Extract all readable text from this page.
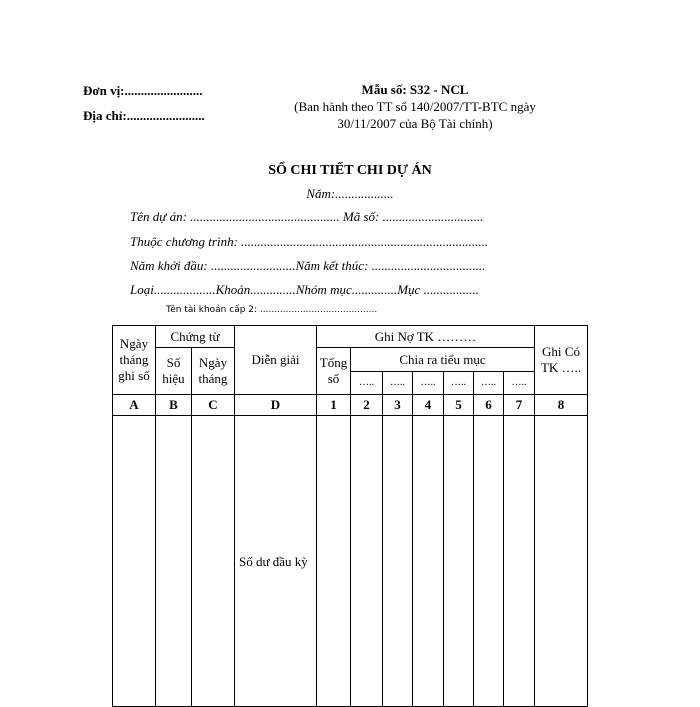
Đơn vị:........................
Địa chỉ:........................
Mẫu số: S32 - NCL
(Ban hành theo TT số 140/2007/TT-BTC ngày
30/11/2007 của Bộ Tài chính)
SỔ CHI TIẾT CHI DỰ ÁN
Năm:..................
Tên dự án: .............................................. Mã số: ...............................
Thuộc chương trình: ............................................................................
Năm khởi đầu: ..........................Năm kết thúc: ...................................
Loại...................Khoản..............Nhóm mục..............Mục .................
Tên tài khoản cấp 2: .........................................
Ngày tháng ghi sổ	Chứng từ		Diễn giải	Ghi Nợ TK ………							Ghi Có TK …..
	Số hiệu	Ngày tháng		Tổng số	Chia ra tiểu mục						
					…..	…..	…..	…..	…..	…..	
A	B	C	D	1	2	3	4	5	6	7	8

			Số dư đầu kỳ								
